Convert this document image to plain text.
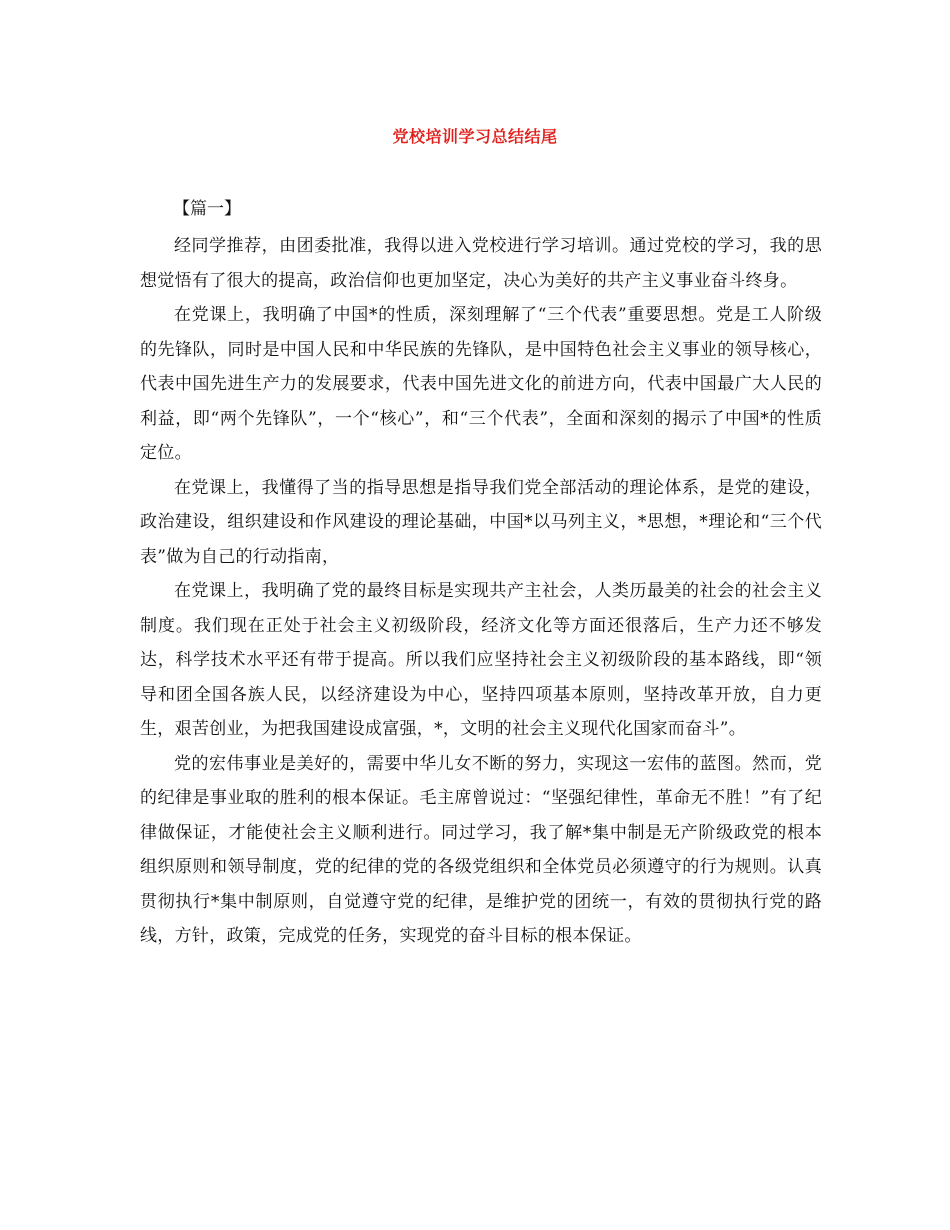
党校培训学习总结结尾

【篇一】

经同学推荐，由团委批准，我得以进入党校进行学习培训。通过党校的学习，我的思想觉悟有了很大的提高，政治信仰也更加坚定，决心为美好的共产主义事业奋斗终身。

在党课上，我明确了中国*的性质，深刻理解了“三个代表”重要思想。党是工人阶级的先锋队，同时是中国人民和中华民族的先锋队，是中国特色社会主义事业的领导核心，代表中国先进生产力的发展要求，代表中国先进文化的前进方向，代表中国最广大人民的利益，即“两个先锋队”，一个“核心”，和“三个代表”，全面和深刻的揭示了中国*的性质定位。

在党课上，我懂得了当的指导思想是指导我们党全部活动的理论体系，是党的建设，政治建设，组织建设和作风建设的理论基础，中国*以马列主义，*思想，*理论和“三个代表”做为自己的行动指南，

在党课上，我明确了党的最终目标是实现共产主社会，人类历最美的社会的社会主义制度。我们现在正处于社会主义初级阶段，经济文化等方面还很落后，生产力还不够发达，科学技术水平还有带于提高。所以我们应坚持社会主义初级阶段的基本路线，即“领导和团全国各族人民，以经济建设为中心，坚持四项基本原则，坚持改革开放，自力更生，艰苦创业，为把我国建设成富强，*，文明的社会主义现代化国家而奋斗”。

党的宏伟事业是美好的，需要中华儿女不断的努力，实现这一宏伟的蓝图。然而，党的纪律是事业取的胜利的根本保证。毛主席曾说过：“坚强纪律性，革命无不胜！”有了纪律做保证，才能使社会主义顺利进行。同过学习，我了解*集中制是无产阶级政党的根本组织原则和领导制度，党的纪律的党的各级党组织和全体党员必须遵守的行为规则。认真贯彻执行*集中制原则，自觉遵守党的纪律，是维护党的团统一，有效的贯彻执行党的路线，方针，政策，完成党的任务，实现党的奋斗目标的根本保证。
